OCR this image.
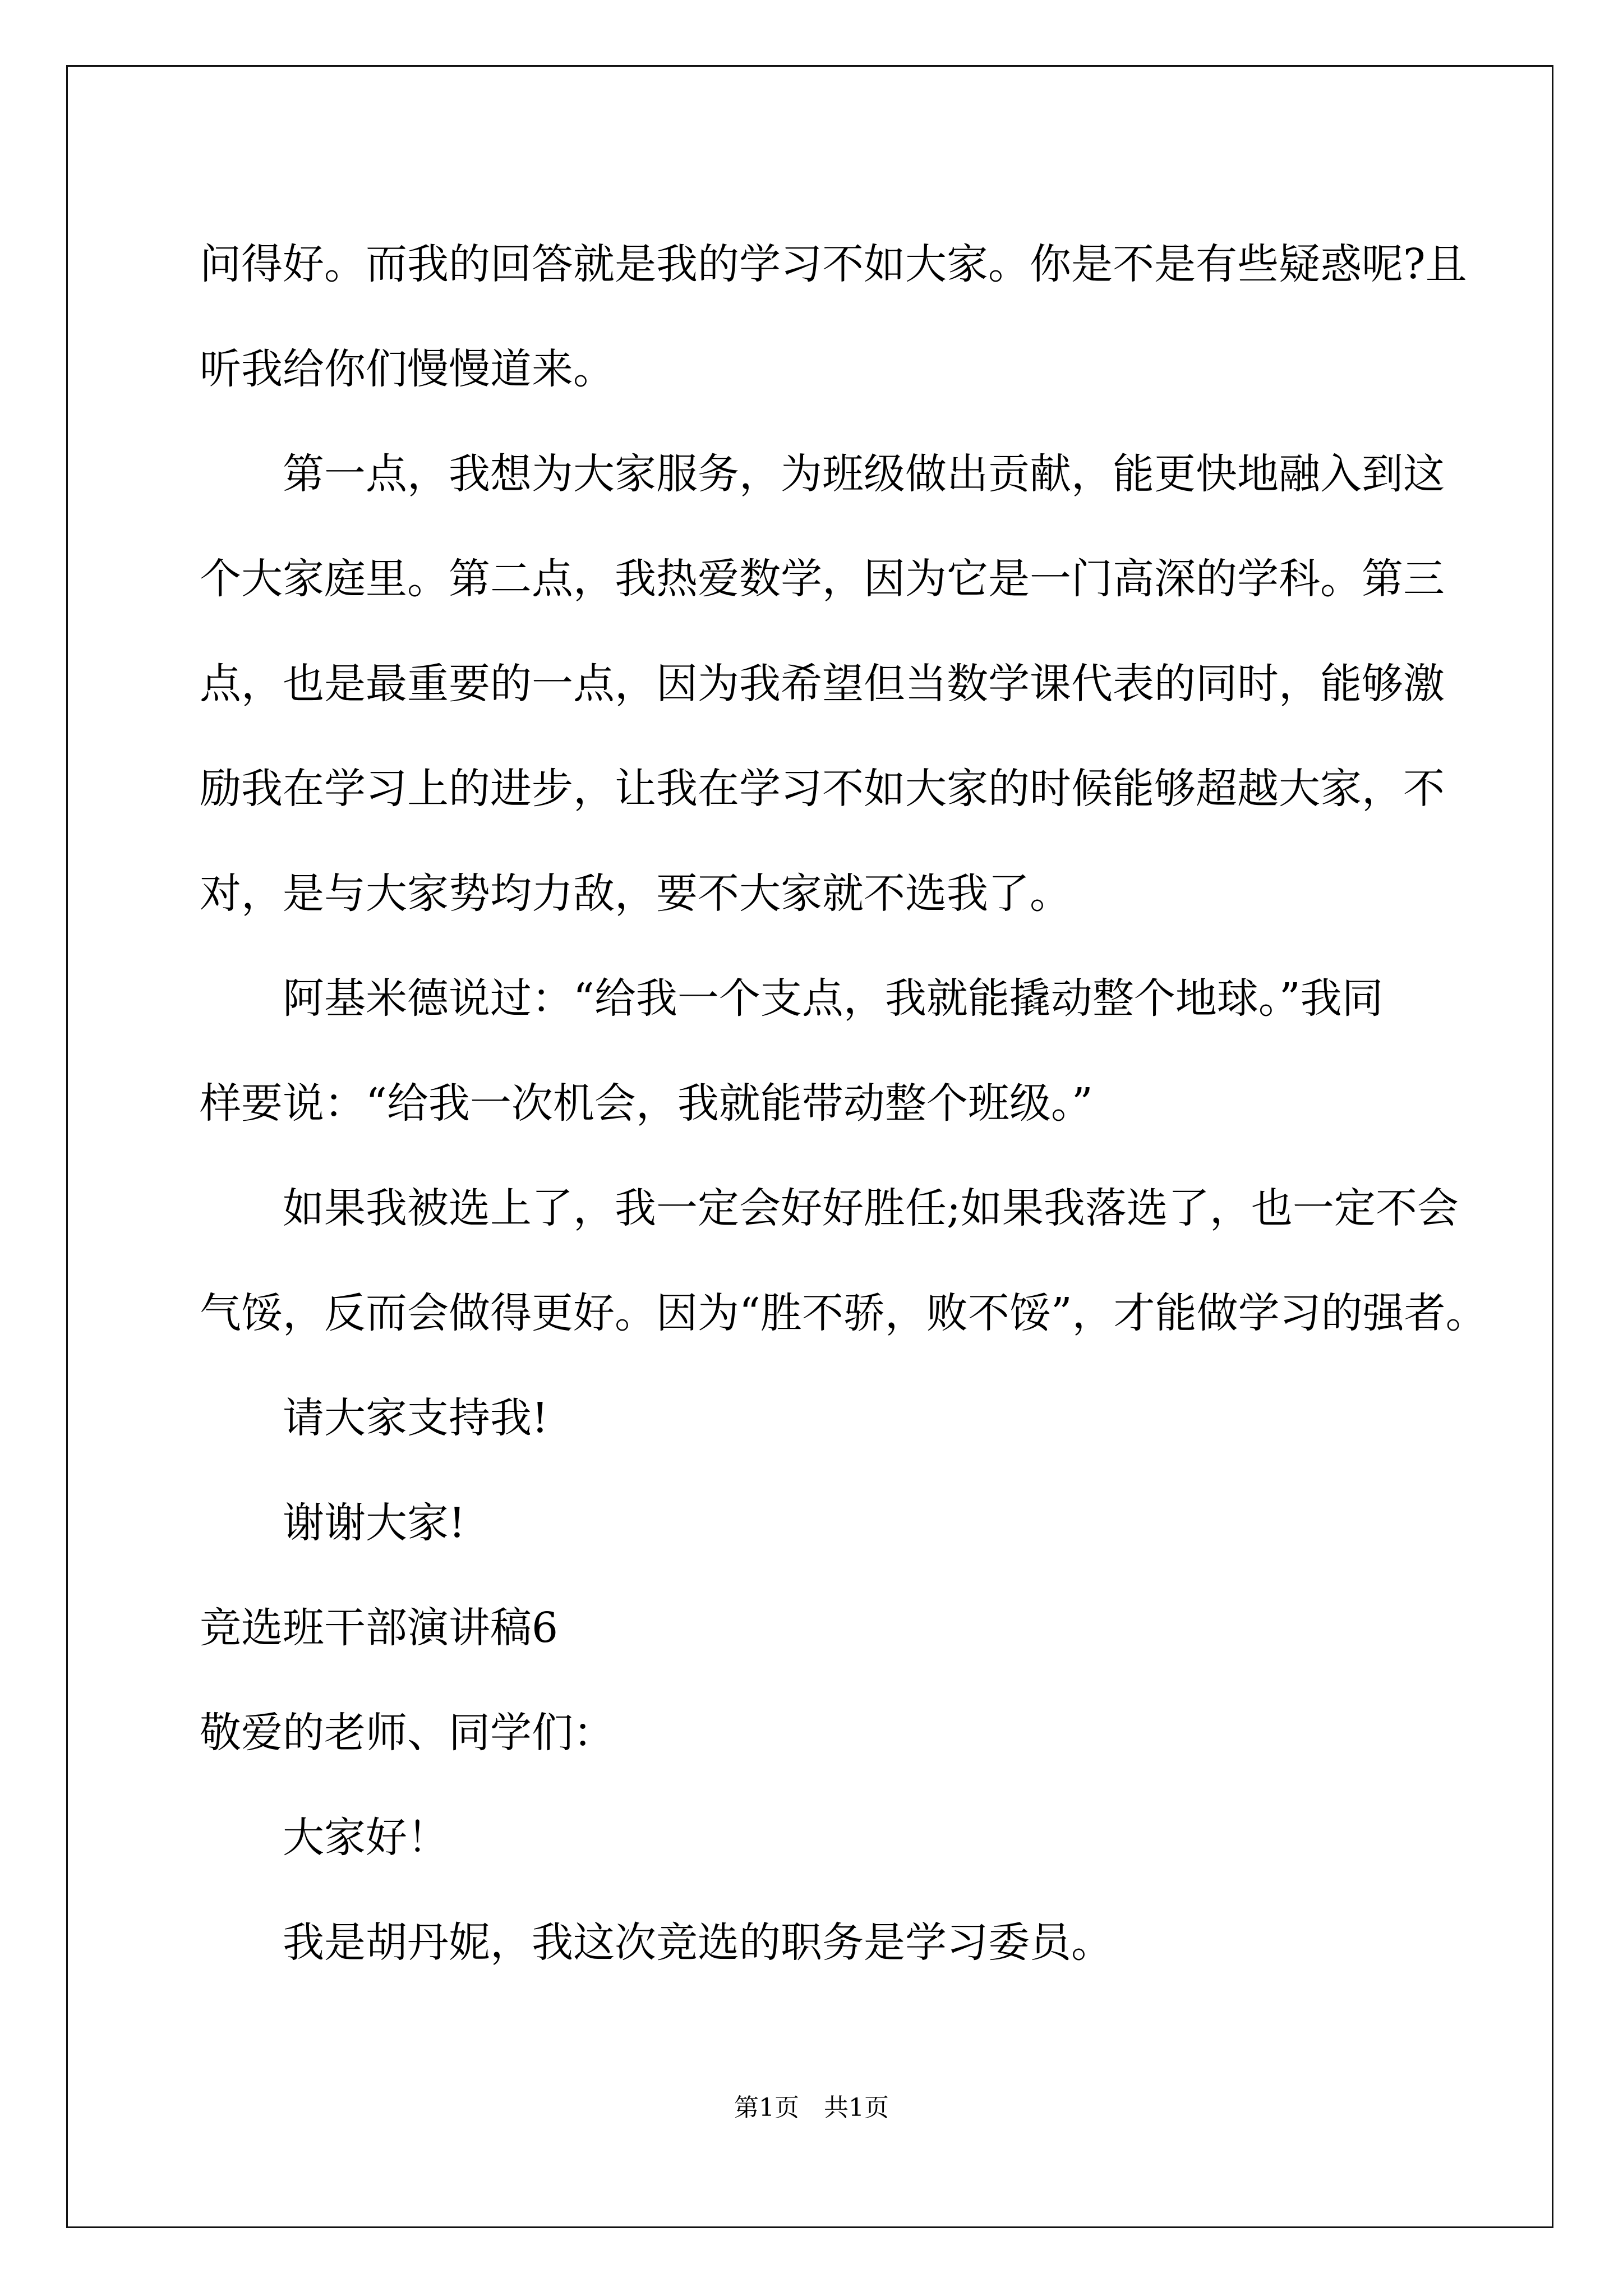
问得好。而我的回答就是我的学习不如大家。你是不是有些疑惑呢?且
听我给你们慢慢道来。
第一点，我想为大家服务，为班级做出贡献，能更快地融入到这
个大家庭里。第二点，我热爱数学，因为它是一门高深的学科。第三
点，也是最重要的一点，因为我希望但当数学课代表的同时，能够激
励我在学习上的进步，让我在学习不如大家的时候能够超越大家，不
对，是与大家势均力敌，要不大家就不选我了。
阿基米德说过：“给我一个支点，我就能撬动整个地球。”我同
样要说：“给我一次机会，我就能带动整个班级。”
如果我被选上了，我一定会好好胜任;如果我落选了，也一定不会
气馁，反而会做得更好。因为“胜不骄，败不馁”，才能做学习的强者。
请大家支持我!
谢谢大家!
竞选班干部演讲稿6
敬爱的老师、同学们：
大家好！
我是胡丹妮，我这次竞选的职务是学习委员。
第1页　共1页
